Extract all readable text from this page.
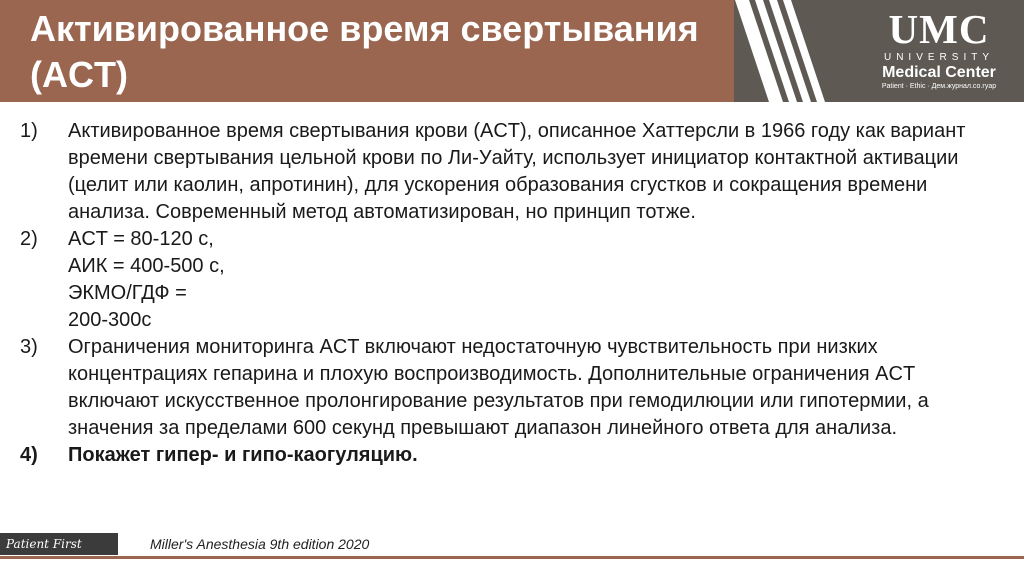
Активированное время свертывания (ACT)
UMC
UNIVERSITY
Medical Center
Patient · Ethic · Дем.журнал.со.гуар
1) Активированное время свертывания крови (ACT), описанное Хаттерсли в 1966 году как вариант времени свертывания цельной крови по Ли-Уайту, использует инициатор контактной активации (целит или каолин, апротинин), для ускорения образования сгустков и сокращения времени анализа. Современный метод автоматизирован, но принцип тотже.
2) ACT = 80-120 с,
АИК = 400-500 с,
ЭКМО/ГДФ =
200-300с
3) Ограничения мониторинга ACT включают недостаточную чувствительность при низких концентрациях гепарина и плохую воспроизводимость. Дополнительные ограничения ACT включают искусственное пролонгирование результатов при гемодилюции или гипотермии, а значения за пределами 600 секунд превышают диапазон линейного ответа для анализа.
4) Покажет гипер- и гипо-каогуляцию.
Patient First	Miller's Anesthesia 9th edition 2020
